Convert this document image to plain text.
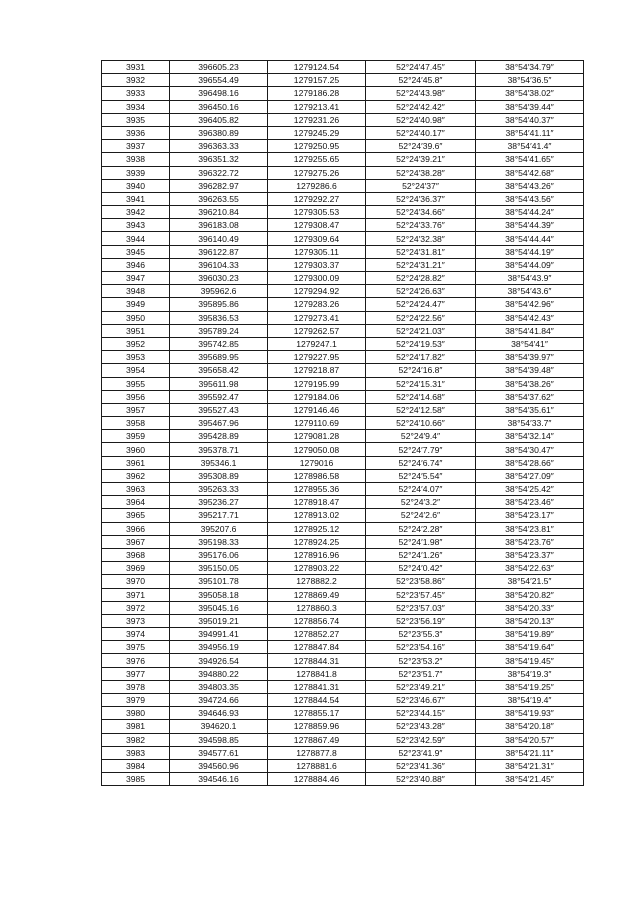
3931	396605.23	1279124.54	52°24′47.45″	38°54′34.79″
3932	396554.49	1279157.25	52°24′45.8″	38°54′36.5″
3933	396498.16	1279186.28	52°24′43.98″	38°54′38.02″
3934	396450.16	1279213.41	52°24′42.42″	38°54′39.44″
3935	396405.82	1279231.26	52°24′40.98″	38°54′40.37″
3936	396380.89	1279245.29	52°24′40.17″	38°54′41.11″
3937	396363.33	1279250.95	52°24′39.6″	38°54′41.4″
3938	396351.32	1279255.65	52°24′39.21″	38°54′41.65″
3939	396322.72	1279275.26	52°24′38.28″	38°54′42.68″
3940	396282.97	1279286.6	52°24′37″	38°54′43.26″
3941	396263.55	1279292.27	52°24′36.37″	38°54′43.56″
3942	396210.84	1279305.53	52°24′34.66″	38°54′44.24″
3943	396183.08	1279308.47	52°24′33.76″	38°54′44.39″
3944	396140.49	1279309.64	52°24′32.38″	38°54′44.44″
3945	396122.87	1279305.11	52°24′31.81″	38°54′44.19″
3946	396104.33	1279303.37	52°24′31.21″	38°54′44.09″
3947	396030.23	1279300.09	52°24′28.82″	38°54′43.9″
3948	395962.6	1279294.92	52°24′26.63″	38°54′43.6″
3949	395895.86	1279283.26	52°24′24.47″	38°54′42.96″
3950	395836.53	1279273.41	52°24′22.56″	38°54′42.43″
3951	395789.24	1279262.57	52°24′21.03″	38°54′41.84″
3952	395742.85	1279247.1	52°24′19.53″	38°54′41″
3953	395689.95	1279227.95	52°24′17.82″	38°54′39.97″
3954	395658.42	1279218.87	52°24′16.8″	38°54′39.48″
3955	395611.98	1279195.99	52°24′15.31″	38°54′38.26″
3956	395592.47	1279184.06	52°24′14.68″	38°54′37.62″
3957	395527.43	1279146.46	52°24′12.58″	38°54′35.61″
3958	395467.96	1279110.69	52°24′10.66″	38°54′33.7″
3959	395428.89	1279081.28	52°24′9.4″	38°54′32.14″
3960	395378.71	1279050.08	52°24′7.79″	38°54′30.47″
3961	395346.1	1279016	52°24′6.74″	38°54′28.66″
3962	395308.89	1278986.58	52°24′5.54″	38°54′27.09″
3963	395263.33	1278955.36	52°24′4.07″	38°54′25.42″
3964	395236.27	1278918.47	52°24′3.2″	38°54′23.46″
3965	395217.71	1278913.02	52°24′2.6″	38°54′23.17″
3966	395207.6	1278925.12	52°24′2.28″	38°54′23.81″
3967	395198.33	1278924.25	52°24′1.98″	38°54′23.76″
3968	395176.06	1278916.96	52°24′1.26″	38°54′23.37″
3969	395150.05	1278903.22	52°24′0.42″	38°54′22.63″
3970	395101.78	1278882.2	52°23′58.86″	38°54′21.5″
3971	395058.18	1278869.49	52°23′57.45″	38°54′20.82″
3972	395045.16	1278860.3	52°23′57.03″	38°54′20.33″
3973	395019.21	1278856.74	52°23′56.19″	38°54′20.13″
3974	394991.41	1278852.27	52°23′55.3″	38°54′19.89″
3975	394956.19	1278847.84	52°23′54.16″	38°54′19.64″
3976	394926.54	1278844.31	52°23′53.2″	38°54′19.45″
3977	394880.22	1278841.8	52°23′51.7″	38°54′19.3″
3978	394803.35	1278841.31	52°23′49.21″	38°54′19.25″
3979	394724.66	1278844.54	52°23′46.67″	38°54′19.4″
3980	394646.93	1278855.17	52°23′44.15″	38°54′19.93″
3981	394620.1	1278859.96	52°23′43.28″	38°54′20.18″
3982	394598.85	1278867.49	52°23′42.59″	38°54′20.57″
3983	394577.61	1278877.8	52°23′41.9″	38°54′21.11″
3984	394560.96	1278881.6	52°23′41.36″	38°54′21.31″
3985	394546.16	1278884.46	52°23′40.88″	38°54′21.45″
